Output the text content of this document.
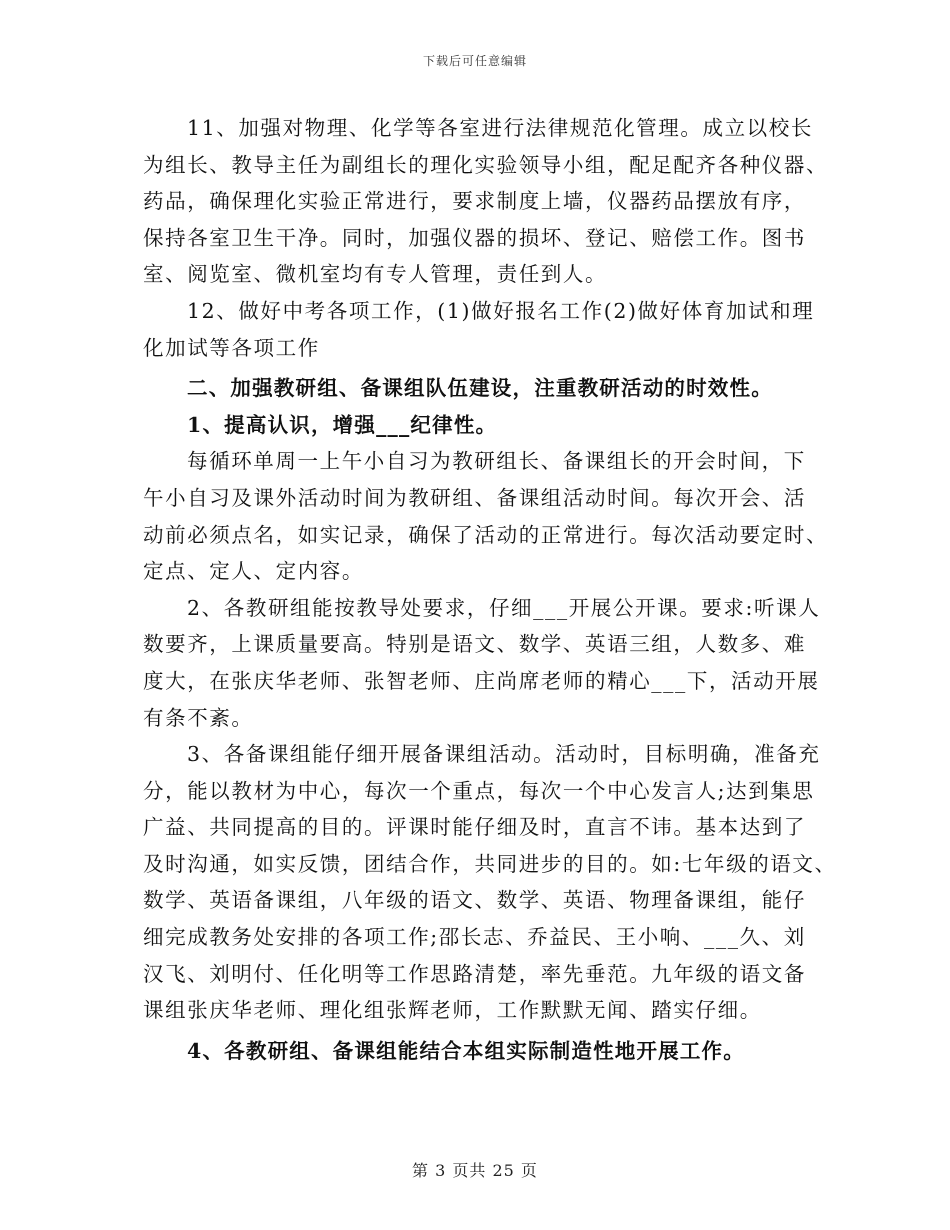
下载后可任意编辑
11、加强对物理、化学等各室进行法律规范化管理。成立以校长
为组长、教导主任为副组长的理化实验领导小组，配足配齐各种仪器、
药品，确保理化实验正常进行，要求制度上墙，仪器药品摆放有序，
保持各室卫生干净。同时，加强仪器的损坏、登记、赔偿工作。图书
室、阅览室、微机室均有专人管理，责任到人。
12、做好中考各项工作，(1)做好报名工作(2)做好体育加试和理
化加试等各项工作
二、加强教研组、备课组队伍建设，注重教研活动的时效性。
1、提高认识，增强___纪律性。
每循环单周一上午小自习为教研组长、备课组长的开会时间，下
午小自习及课外活动时间为教研组、备课组活动时间。每次开会、活
动前必须点名，如实记录，确保了活动的正常进行。每次活动要定时、
定点、定人、定内容。
2、各教研组能按教导处要求，仔细___开展公开课。要求:听课人
数要齐，上课质量要高。特别是语文、数学、英语三组，人数多、难
度大，在张庆华老师、张智老师、庄尚席老师的精心___下，活动开展
有条不紊。
3、各备课组能仔细开展备课组活动。活动时，目标明确，准备充
分，能以教材为中心，每次一个重点，每次一个中心发言人;达到集思
广益、共同提高的目的。评课时能仔细及时，直言不讳。基本达到了
及时沟通，如实反馈，团结合作，共同进步的目的。如:七年级的语文、
数学、英语备课组，八年级的语文、数学、英语、物理备课组，能仔
细完成教务处安排的各项工作;邵长志、乔益民、王小响、___久、刘
汉飞、刘明付、任化明等工作思路清楚，率先垂范。九年级的语文备
课组张庆华老师、理化组张辉老师，工作默默无闻、踏实仔细。
4、各教研组、备课组能结合本组实际制造性地开展工作。
第 3 页共 25 页
